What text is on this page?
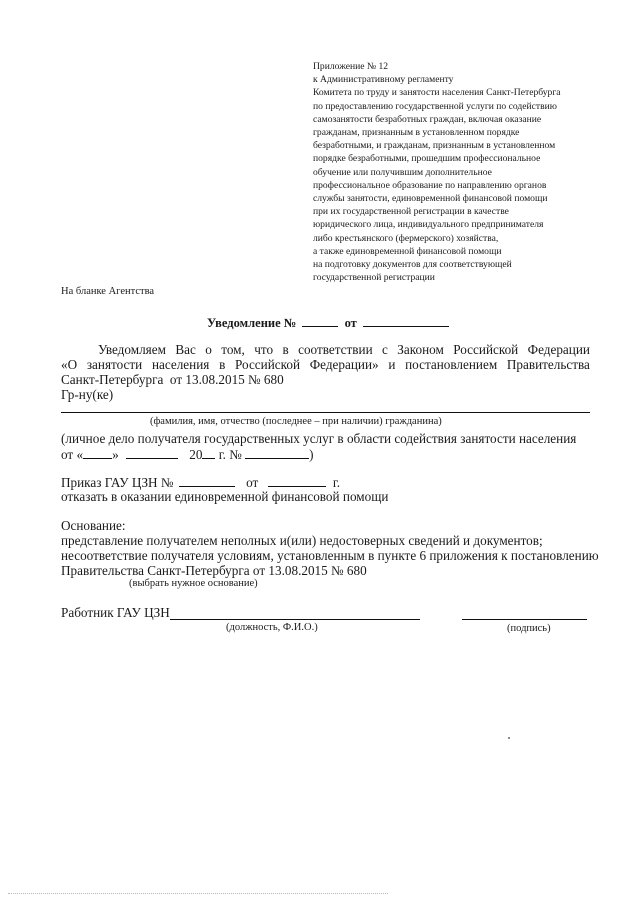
Приложение № 12
к Административному регламенту
Комитета по труду и занятости населения Санкт-Петербурга
по предоставлению государственной услуги по содействию
самозанятости безработных граждан, включая оказание
гражданам, признанным в установленном порядке
безработными, и гражданам, признанным в установленном
порядке безработными, прошедшим профессиональное
обучение или получившим дополнительное
профессиональное образование по направлению органов
службы занятости, единовременной финансовой помощи
при их государственной регистрации в качестве
юридического лица, индивидуального предпринимателя
либо крестьянского (фермерского) хозяйства,
а также единовременной финансовой помощи
на подготовку документов для соответствующей
государственной регистрации
На бланке Агентства
Уведомление №	от
Уведомляем Вас о том, что в соответствии с Законом Российской Федерации
«О занятости населения в Российской Федерации» и постановлением Правительства
Санкт-Петербурга  от 13.08.2015 № 680
Гр-ну(ке)
(фамилия, имя, отчество (последнее – при наличии) гражданина)
(личное дело получателя государственных услуг в области содействия занятости населения
от « »	20 г. №	)
Приказ ГАУ ЦЗН №	от	г.
отказать в оказании единовременной финансовой помощи
Основание:
представление получателем неполных и(или) недостоверных сведений и документов;
несоответствие получателя условиям, установленным в пункте 6 приложения к постановлению
Правительства Санкт-Петербурга от 13.08.2015 № 680
(выбрать нужное основание)
Работник ГАУ ЦЗН
(должность, Ф.И.О.)	(подпись)
